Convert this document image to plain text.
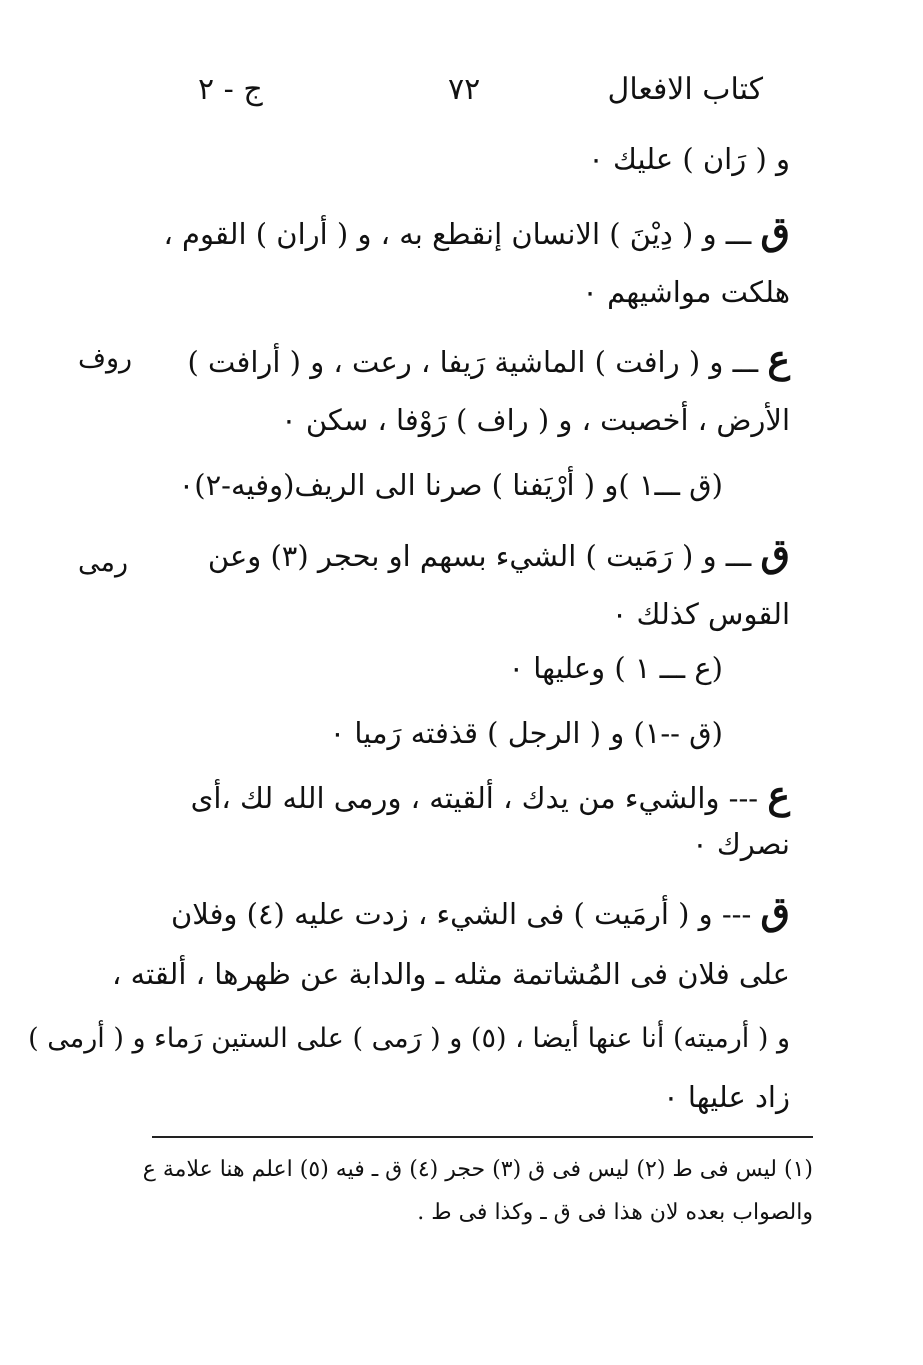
كتاب الافعال
٧٢
ج - ٢
و ( رَان ) عليك ٠
ق ـــ و ( دِيْنَ ) الانسان إنقطع به ، و ( أران ) القوم ،
هلكت مواشيهم ٠
ع ـــ و ( رافت ) الماشية رَيفا ، رعت ، و ( أرافت )
الأرض ، أخصبت ، و ( راف ) رَوْفا ، سكن ٠
(ق ـــ١ )و ( أرْيَفنا ) صرنا الى الريف(وفيه-٢)٠
ق ـــ و ( رَمَيت ) الشيء بسهم او بحجر (٣) وعن
القوس كذلك ٠
(ع ـــ ١ ) وعليها ٠
(ق --١) و ( الرجل ) قذفته رَميا ٠
ع --- والشيء من يدك ، ألقيته ، ورمى الله لك ،أى
نصرك ٠
ق --- و ( أرمَيت ) فى الشيء ، زدت عليه (٤) وفلان
على فلان فى المُشاتمة مثله ـ والدابة عن ظهرها ، ألقته ،
و ( أرميته) أنا عنها أيضا ، (٥) و ( رَمى ) على الستين رَماء و ( أرمى )
زاد عليها ٠
روف
رمى
(١) ليس فى ط (٢) ليس فى ق (٣) حجر (٤) ق ـ فيه (٥) اعلم هنا علامة ع
والصواب بعده لان هذا فى ق ـ وكذا فى ط .
